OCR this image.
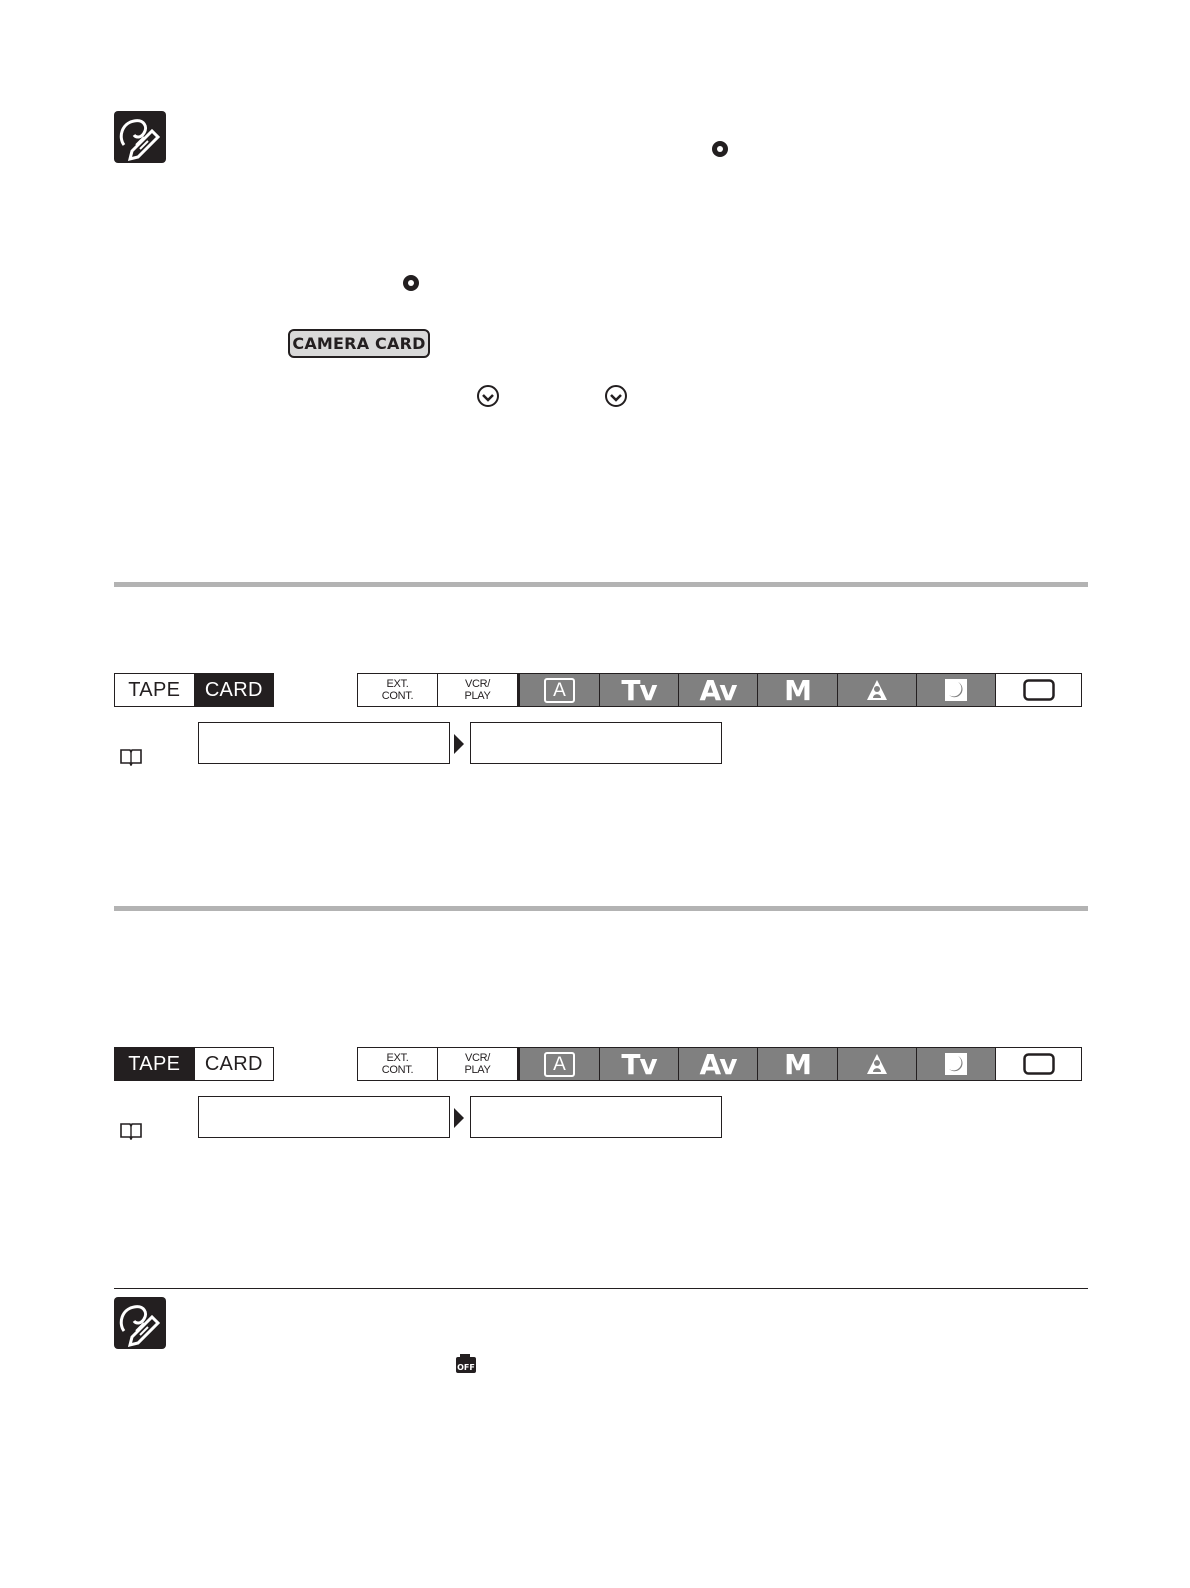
CAMERA CARD
TAPE	CARD	EXT.
CONT.
VCR/
PLAY	A	Tv Av M
TAPE	CARD	EXT.
CONT.
VCR/
PLAY	A	Tv Av M
OFF
